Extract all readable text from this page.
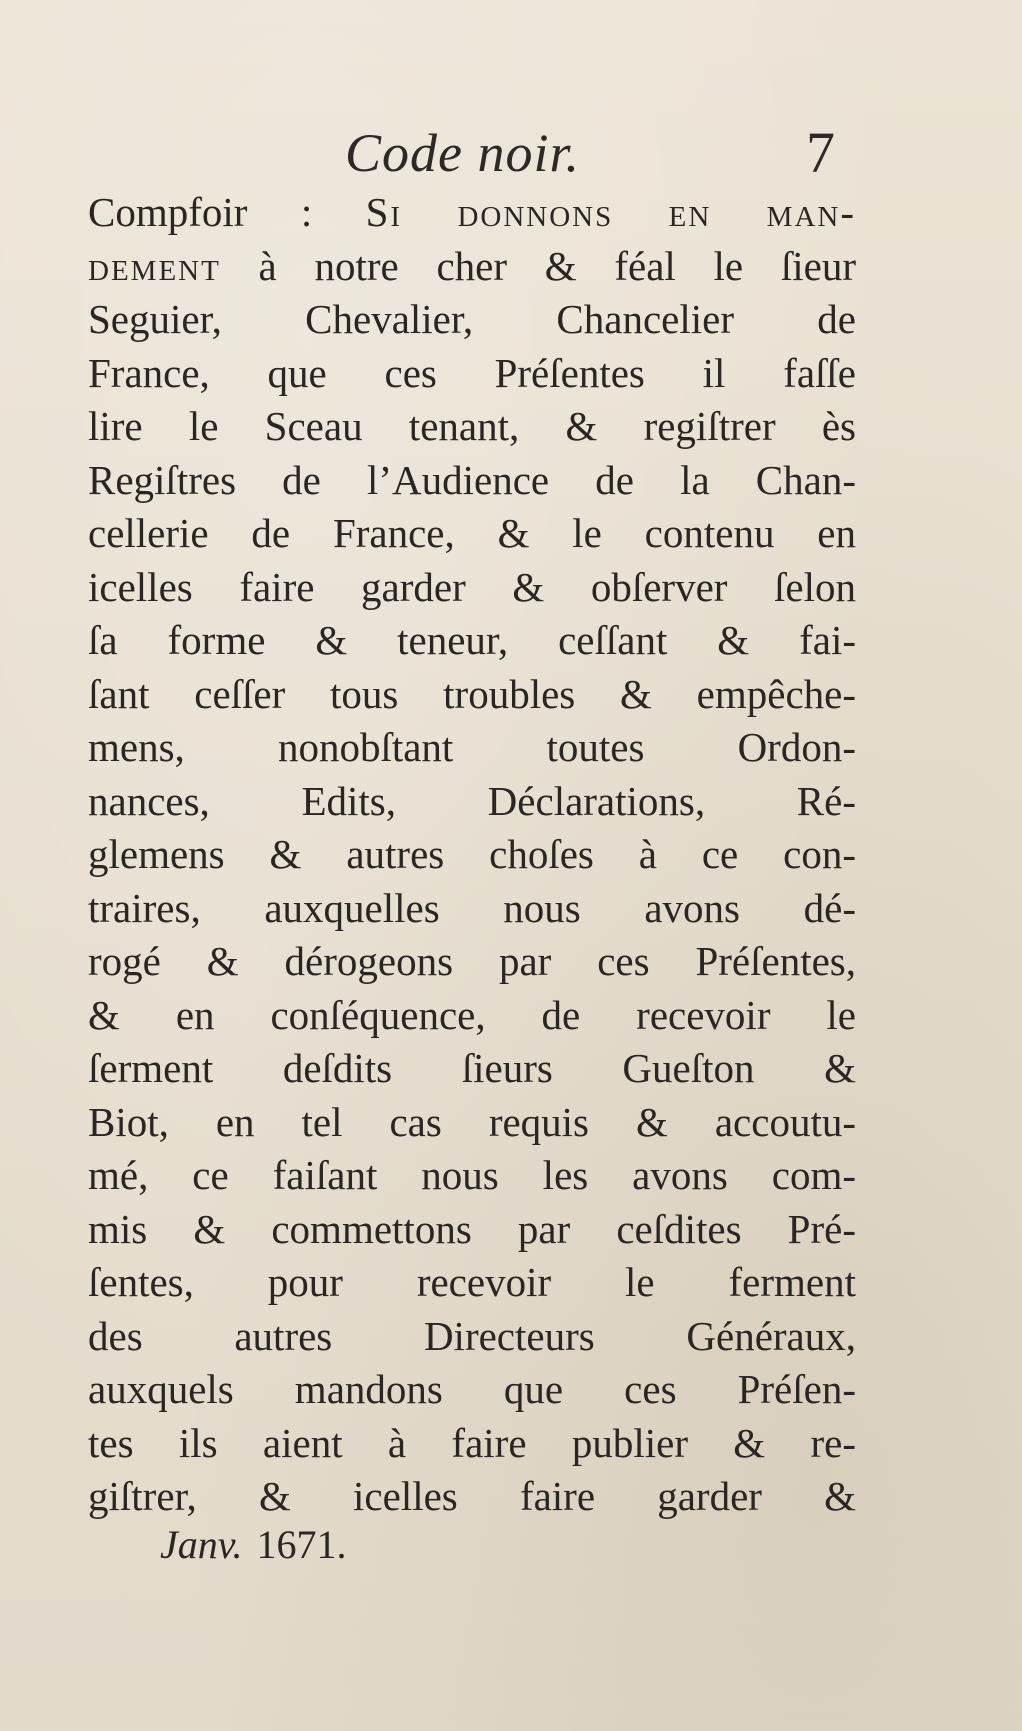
Code noir.	7
Compfoir : Si donnons en man-
dement à notre cher & féal le ſieur
Seguier, Chevalier, Chancelier de
France, que ces Préſentes il faſſe
lire le Sceau tenant, & regiſtrer ès
Regiſtres de l’Audience de la Chan-
cellerie de France, & le contenu en
icelles faire garder & obſerver ſelon
ſa forme & teneur, ceſſant & fai-
ſant ceſſer tous troubles & empêche-
mens, nonobſtant toutes Ordon-
nances, Edits, Déclarations, Ré-
glemens & autres choſes à ce con-
traires, auxquelles nous avons dé-
rogé & dérogeons par ces Préſentes,
& en conſéquence, de recevoir le
ſerment deſdits ſieurs Gueſton &
Biot, en tel cas requis & accoutu-
mé, ce faiſant nous les avons com-
mis & commettons par ceſdites Pré-
ſentes, pour recevoir le ferment
des autres Directeurs Généraux,
auxquels mandons que ces Préſen-
tes ils aient à faire publier & re-
giſtrer, & icelles faire garder &
Janv. 1671.
